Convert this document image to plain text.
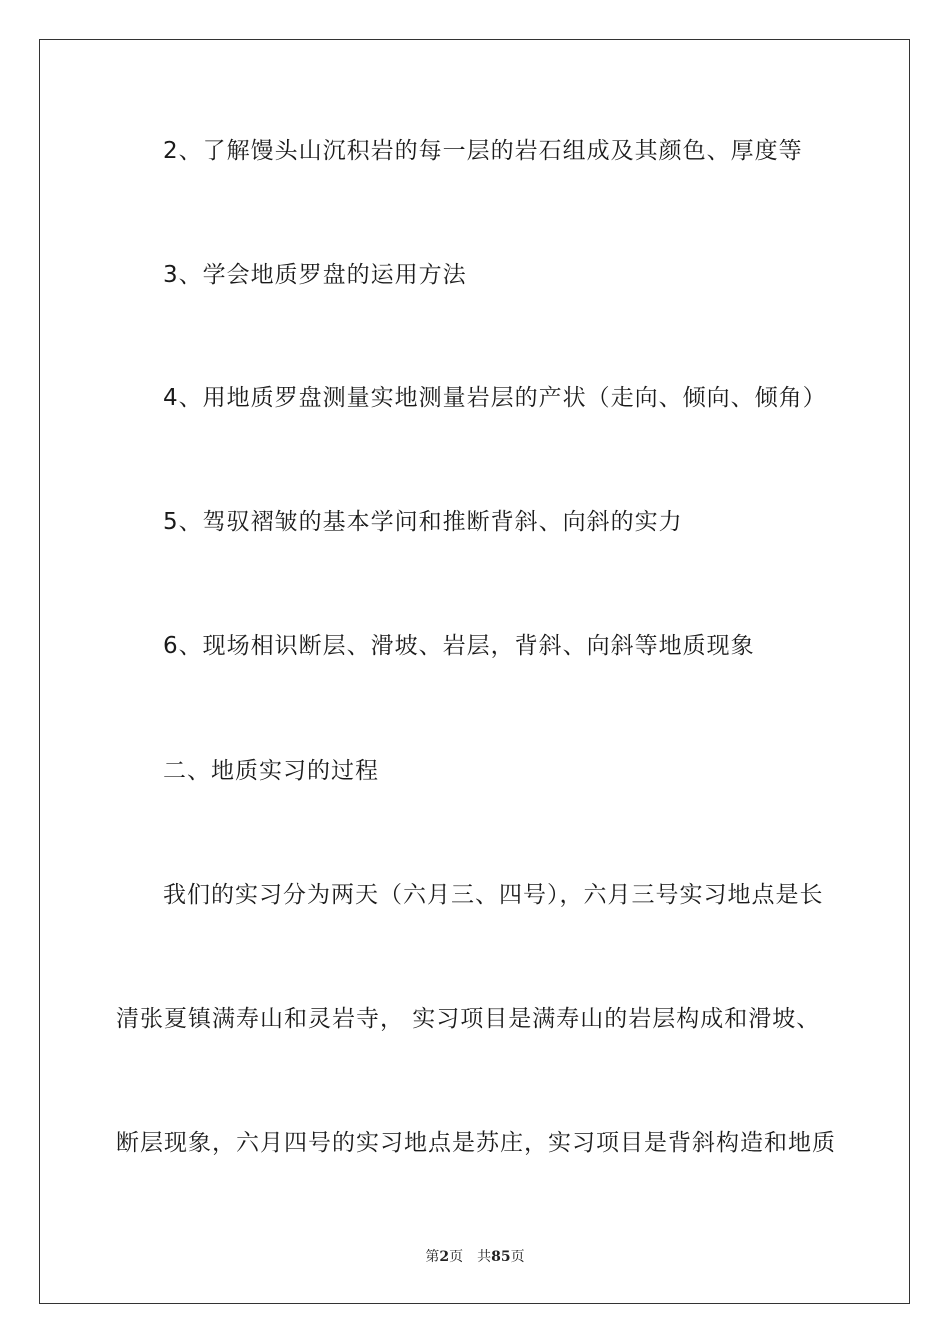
2、了解馒头山沉积岩的每一层的岩石组成及其颜色、厚度等
3、学会地质罗盘的运用方法
4、用地质罗盘测量实地测量岩层的产状（走向、倾向、倾角）
5、驾驭褶皱的基本学问和推断背斜、向斜的实力
6、现场相识断层、滑坡、岩层，背斜、向斜等地质现象
二、地质实习的过程
我们的实习分为两天（六月三、四号），六月三号实习地点是长
清张夏镇满寿山和灵岩寺， 实习项目是满寿山的岩层构成和滑坡、
断层现象，六月四号的实习地点是苏庄，实习项目是背斜构造和地质
第2页 共85页
